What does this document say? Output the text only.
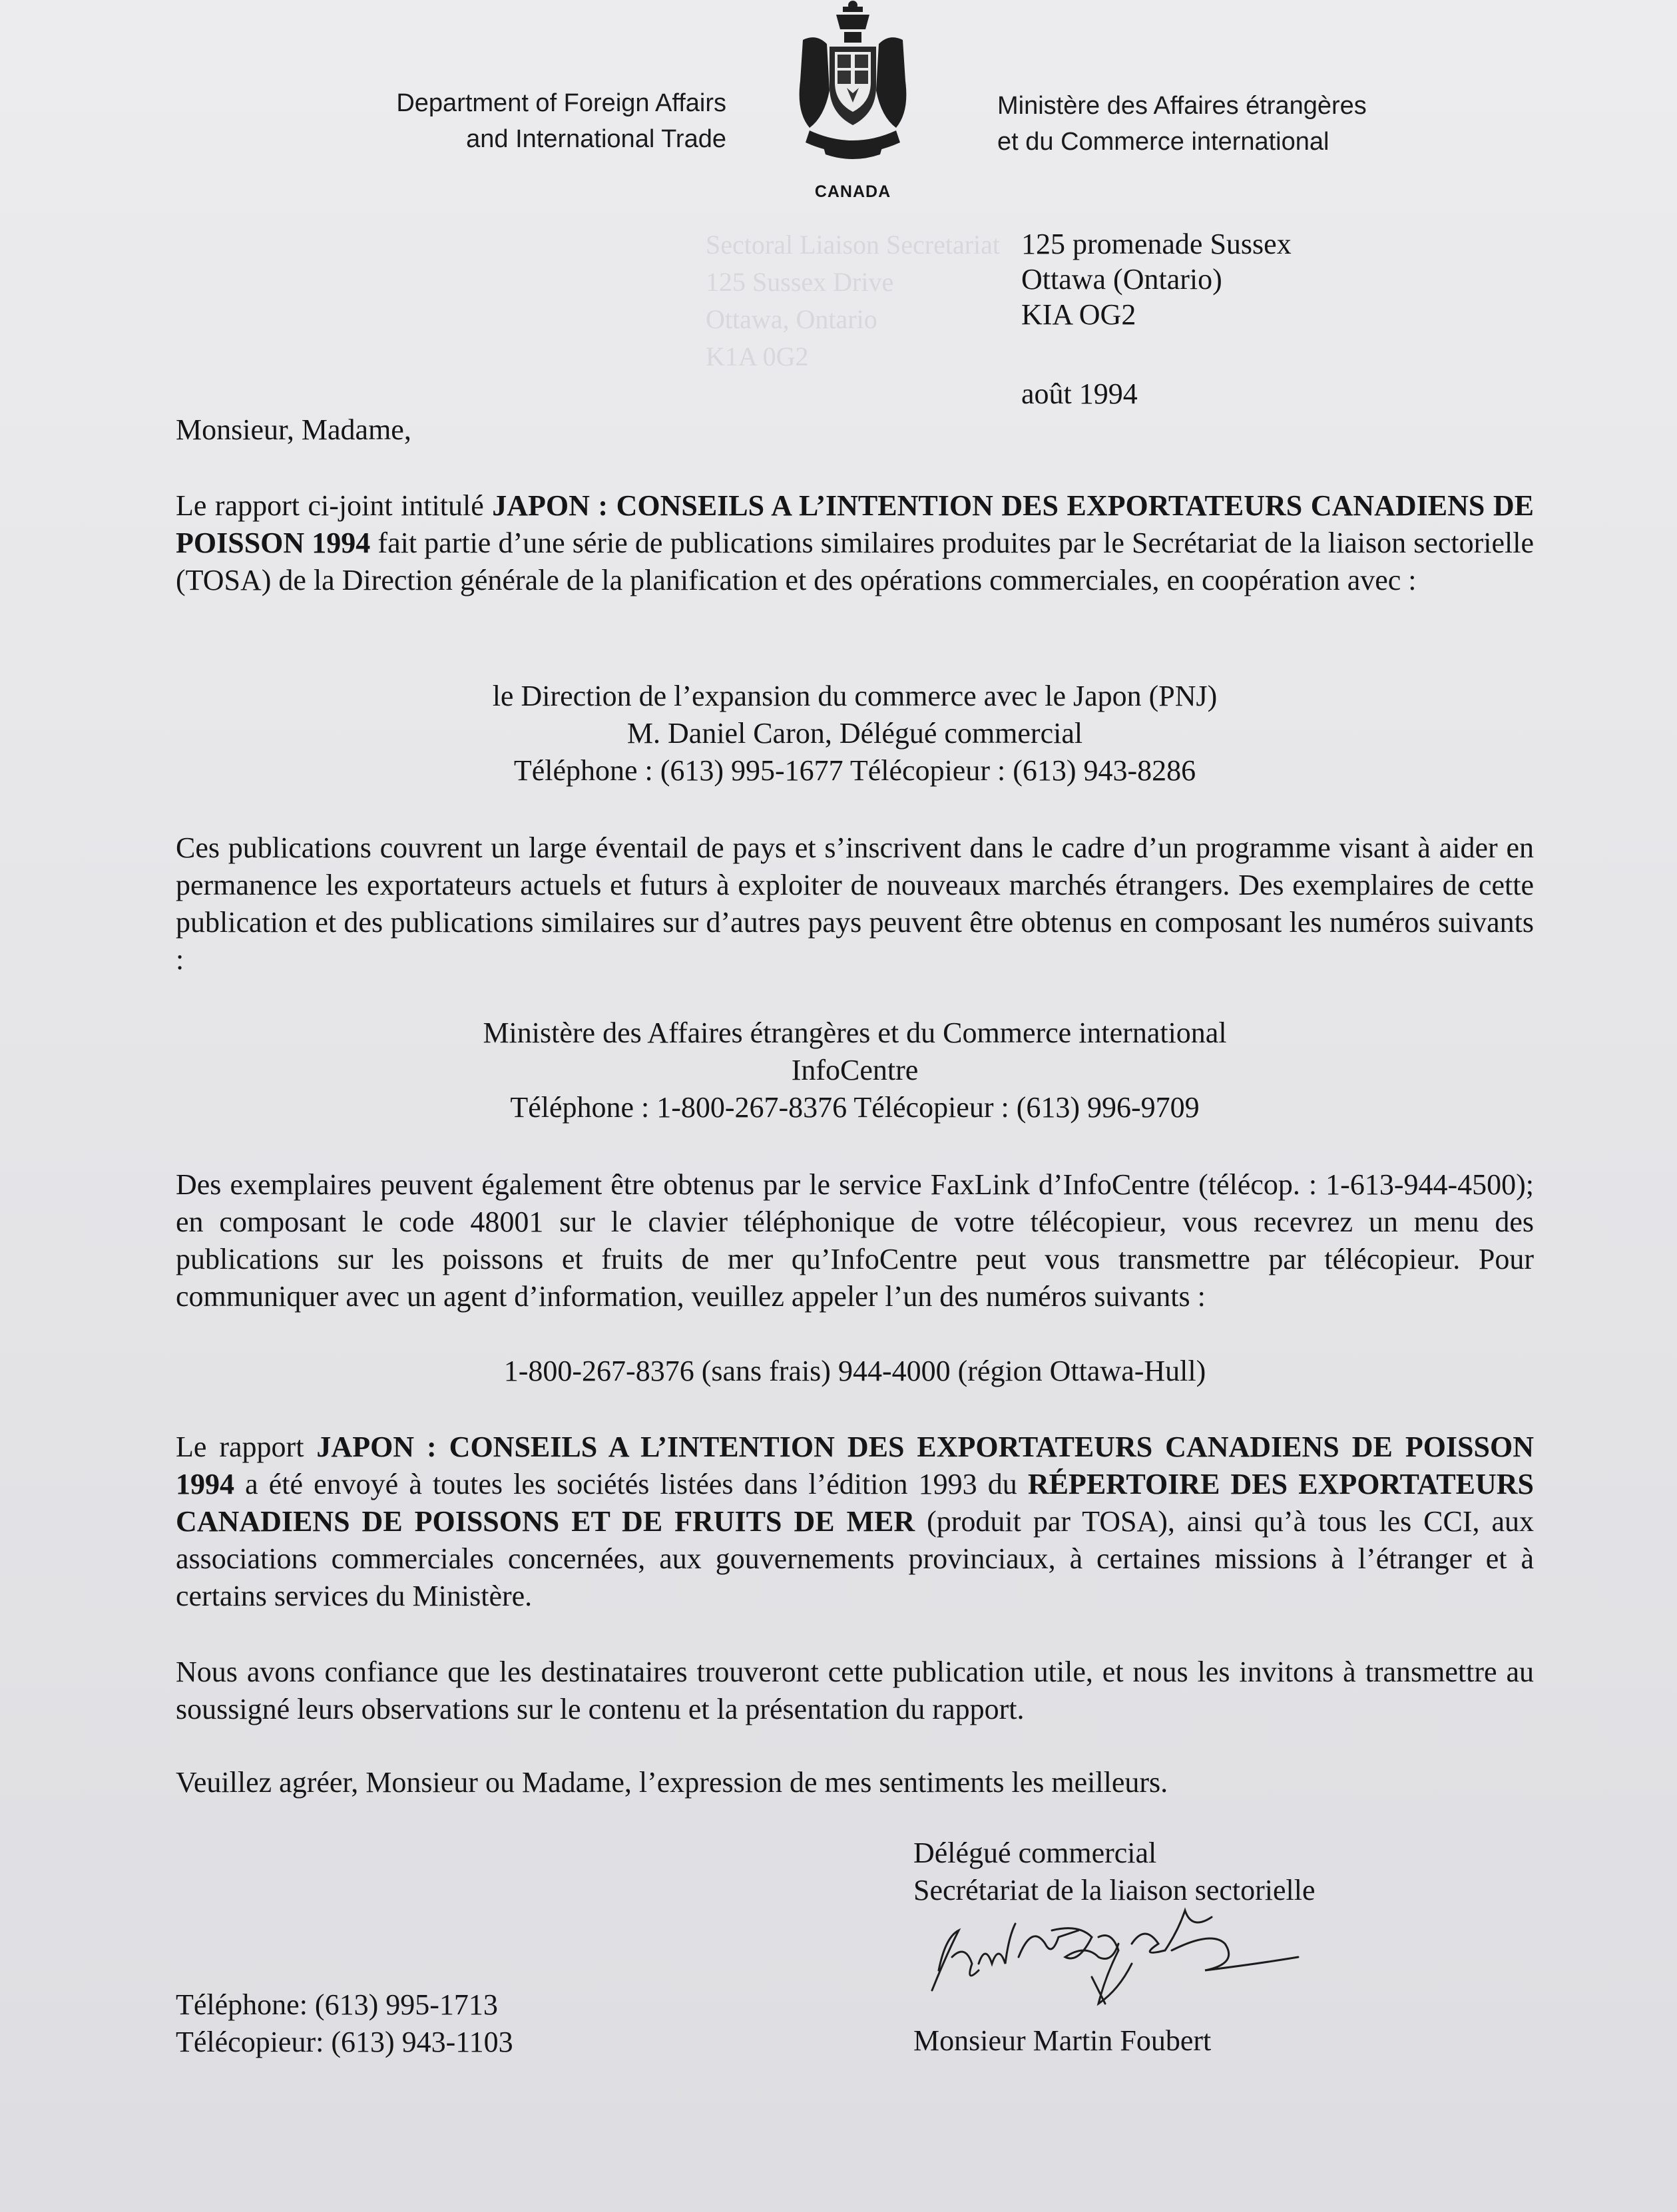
Sectoral Liaison Secretariat
125 Sussex Drive
Ottawa, Ontario
K1A 0G2
Department of Foreign Affairs
and International Trade
CANADA
Ministère des Affaires étrangères
et du Commerce international
125 promenade Sussex
Ottawa (Ontario)
KIA OG2
août 1994
Monsieur, Madame,

Le rapport ci-joint intitulé JAPON : CONSEILS A L’INTENTION DES EXPORTATEURS CANADIENS DE POISSON 1994 fait partie d’une série de publications similaires produites par le Secrétariat de la liaison sectorielle (TOSA) de la Direction générale de la planification et des opérations commerciales, en coopération avec :

le Direction de l’expansion du commerce avec le Japon (PNJ)
M. Daniel Caron, Délégué commercial
Téléphone : (613) 995-1677 Télécopieur : (613) 943-8286

Ces publications couvrent un large éventail de pays et s’inscrivent dans le cadre d’un programme visant à aider en permanence les exportateurs actuels et futurs à exploiter de nouveaux marchés étrangers. Des exemplaires de cette publication et des publications similaires sur d’autres pays peuvent être obtenus en composant les numéros suivants :

Ministère des Affaires étrangères et du Commerce international
InfoCentre
Téléphone : 1-800-267-8376 Télécopieur : (613) 996-9709

Des exemplaires peuvent également être obtenus par le service FaxLink d’InfoCentre (télécop. : 1-613-944-4500); en composant le code 48001 sur le clavier téléphonique de votre télécopieur, vous recevrez un menu des publications sur les poissons et fruits de mer qu’InfoCentre peut vous transmettre par télécopieur. Pour communiquer avec un agent d’information, veuillez appeler l’un des numéros suivants :

1-800-267-8376 (sans frais) 944-4000 (région Ottawa-Hull)

Le rapport JAPON : CONSEILS A L’INTENTION DES EXPORTATEURS CANADIENS DE POISSON 1994 a été envoyé à toutes les sociétés listées dans l’édition 1993 du RÉPERTOIRE DES EXPORTATEURS CANADIENS DE POISSONS ET DE FRUITS DE MER (produit par TOSA), ainsi qu’à tous les CCI, aux associations commerciales concernées, aux gouvernements provinciaux, à certaines missions à l’étranger et à certains services du Ministère.

Nous avons confiance que les destinataires trouveront cette publication utile, et nous les invitons à transmettre au soussigné leurs observations sur le contenu et la présentation du rapport.

Veuillez agréer, Monsieur ou Madame, l’expression de mes sentiments les meilleurs.
Délégué commercial
Secrétariat de la liaison sectorielle
Monsieur Martin Foubert
Téléphone: (613) 995-1713
Télécopieur: (613) 943-1103
